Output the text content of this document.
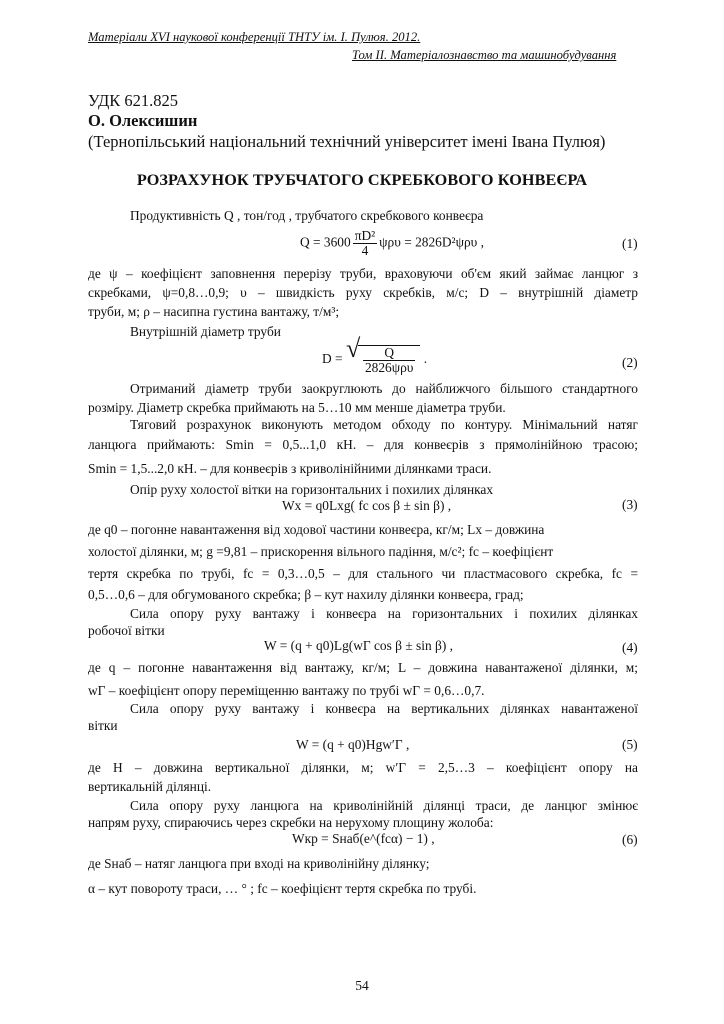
Матеріали XVI наукової конференції ТНТУ ім. І. Пулюя. 2012.
Том ІІ. Матеріалознавство та машинобудування
УДК 621.825
О. Олексишин
(Тернопільський національний технічний університет імені Івана Пулюя)
РОЗРАХУНОК ТРУБЧАТОГО СКРЕБКОВОГО КОНВЕЄРА
Продуктивність Q , тон/год , трубчатого скребкового конвеєра
$Q = 3600 \frac{\text{πD²}}{4}$ ψρυ = 2826D²ψρυ ,	(1)
де ψ – коефіцієнт заповнення перерізу труби, враховуючи об'єм який займає ланцюг з
скребками, ψ=0,8…0,9; υ – швидкість руху скребків, м/с; D – внутрішній діаметр
труби, м; ρ – насипна густина вантажу, т/м³;
Внутрішній діаметр труби
D = √ $\frac{Q}{\text{2826ψρυ}}$ .	(2)
Отриманий діаметр труби заокруглюють до найближчого більшого стандартного
розміру. Діаметр скребка приймають на 5…10 мм менше діаметра труби.
Тяговий розрахунок виконують методом обходу по контуру. Мінімальний натяг
ланцюга приймають: Smin = 0,5...1,0 кН. – для конвеєрів з прямолінійною трасою;
Smin = 1,5...2,0 кН. – для конвеєрів з криволінійними ділянками траси.
Опір руху холостої вітки на горизонтальних і похилих ділянках
Wx = q0Lxg( fc cos β ± sin β) ,	(3)
де q0 – погонне навантаження від ходової частини конвеєра, кг/м; Lx – довжина
холостої ділянки, м; g =9,81 – прискорення вільного падіння, м/с²; fc – коефіцієнт
тертя скребка по трубі, fc = 0,3…0,5 – для стального чи пластмасового скребка, fc =
0,5…0,6 – для обгумованого скребка; β – кут нахилу ділянки конвеєра, град;
Сила опору руху вантажу і конвеєра на горизонтальних і похилих ділянках
робочої вітки
W = (q + q0)Lg(wΓ cos β ± sin β) ,	(4)
де q – погонне навантаження від вантажу, кг/м; L – довжина навантаженої ділянки, м;
wΓ – коефіцієнт опору переміщенню вантажу по трубі wΓ = 0,6…0,7.
Сила опору руху вантажу і конвеєра на вертикальних ділянках навантаженої
вітки
W = (q + q0)Hgw′Γ ,	(5)
де H – довжина вертикальної ділянки, м; w′Γ = 2,5…3 – коефіцієнт опору на
вертикальній ділянці.
Сила опору руху ланцюга на криволінійній ділянці траси, де ланцюг змінює
напрям руху, спираючись через скребки на нерухому площину жолоба:
Wкр = Sнаб(e^(fcα) − 1) ,	(6)
де Sнаб – натяг ланцюга при вході на криволінійну ділянку;
α – кут повороту траси, … ° ; fc – коефіцієнт тертя скребка по трубі.
54
